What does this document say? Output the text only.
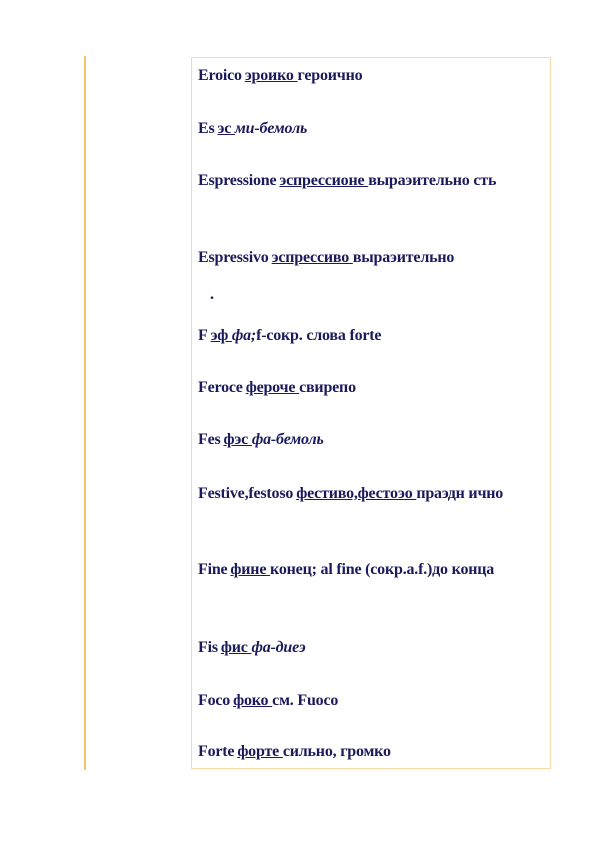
Eroico эроико героично
Es эс ми-бемоль
Espressione эспрессионе выраэительно сть
Espressivo эспрессиво выраэительно
.
F эф фа;f-сокр. слова forte
Feroce фероче свирепо
Fes фэс фа-бемоль
Festive,festoso фестиво,фестоэо праэдн ично
Fine фине конец; al fine (сокр.a.f.)до конца
Fis фис фа-диеэ
Foco фоко см. Fuoco
Forte форте сильно, громко
